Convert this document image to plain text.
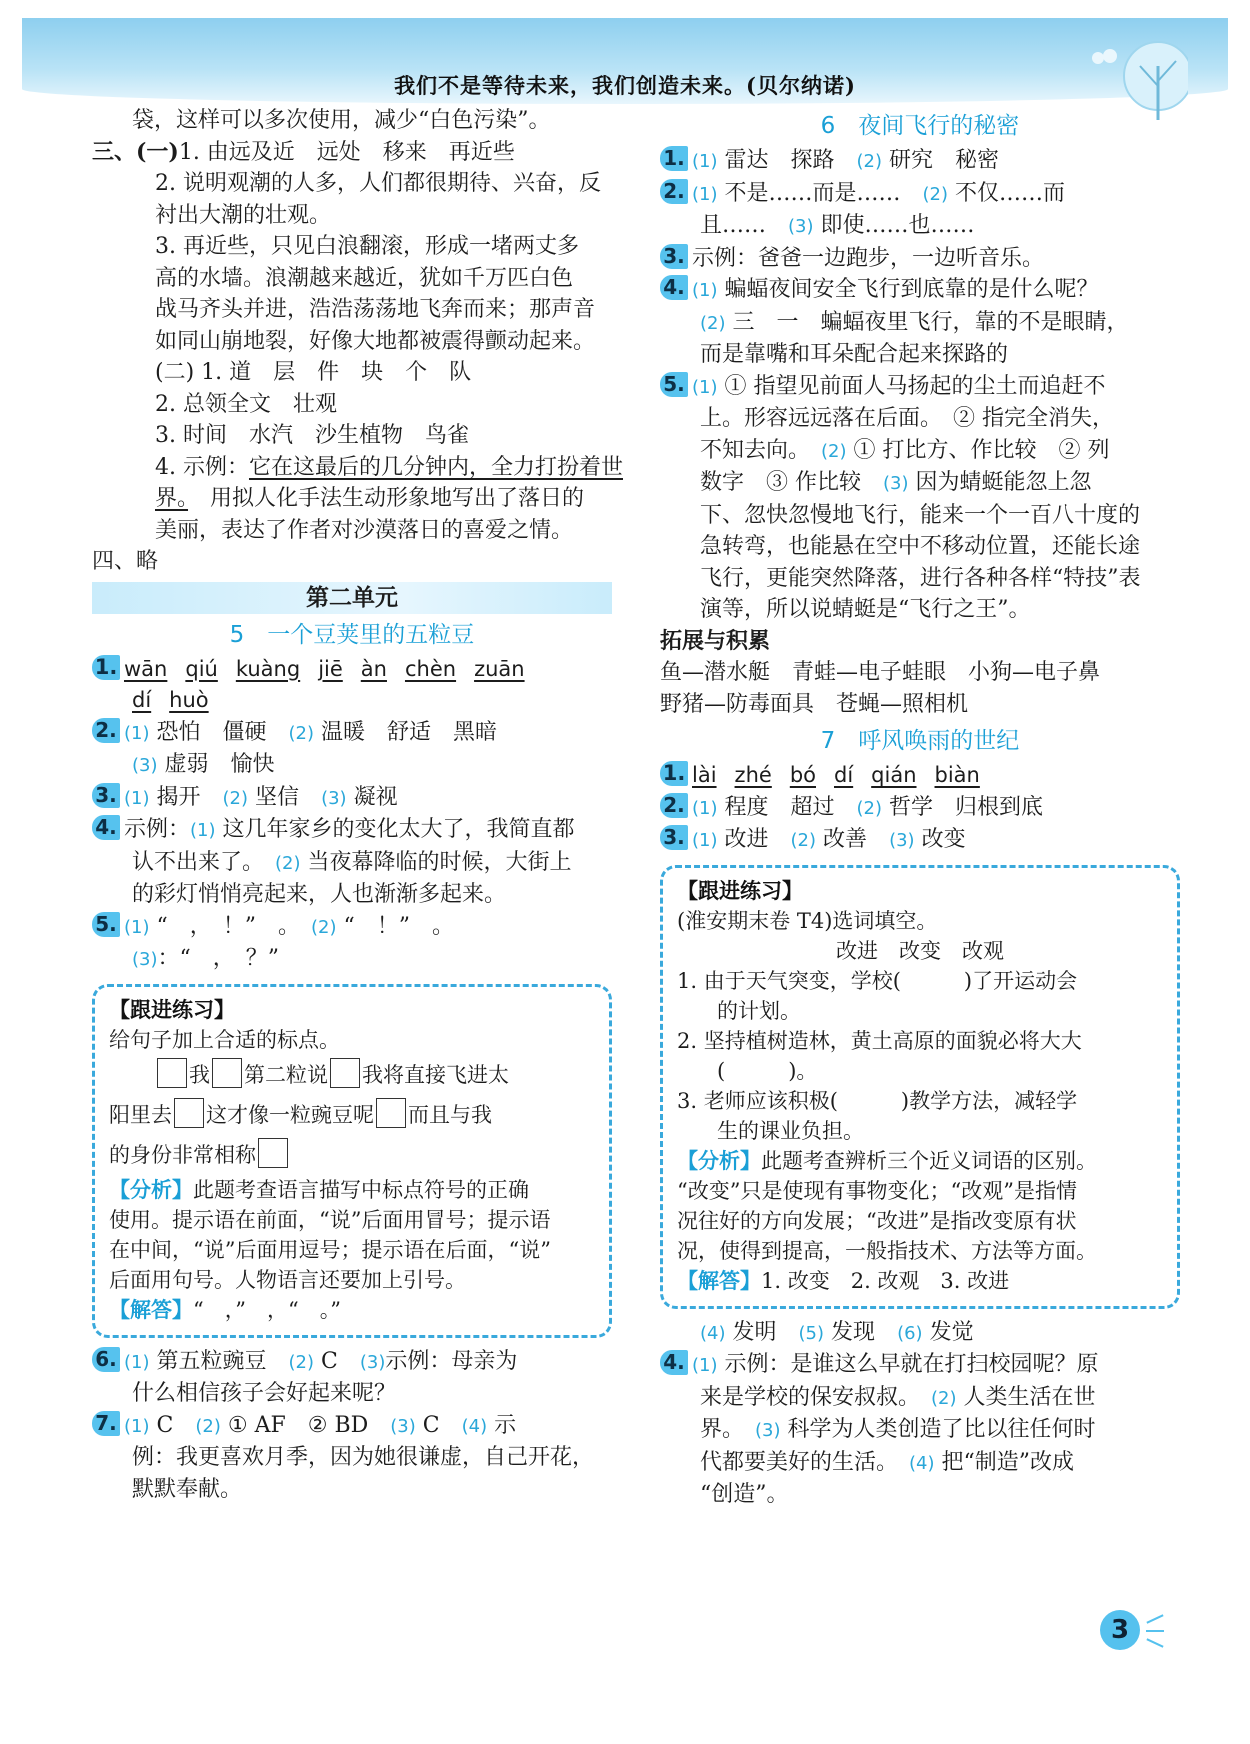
我们不是等待未来，我们创造未来。(贝尔纳诺)
袋，这样可以多次使用，减少“白色污染”。
三、(一)1. 由远及近　远处　移来　再近些
2. 说明观潮的人多，人们都很期待、兴奋，反
衬出大潮的壮观。
3. 再近些，只见白浪翻滚，形成一堵两丈多
高的水墙。浪潮越来越近，犹如千万匹白色
战马齐头并进，浩浩荡荡地飞奔而来；那声音
如同山崩地裂，好像大地都被震得颤动起来。
(二) 1. 道　层　件　块　个　队
2. 总领全文　壮观
3. 时间　水汽　沙生植物　鸟雀
4. 示例：它在这最后的几分钟内，全力打扮着世
界。　用拟人化手法生动形象地写出了落日的
美丽，表达了作者对沙漠落日的喜爱之情。
四、略
第二单元
5　一个豆荚里的五粒豆
1. wān qiú kuàng jiē àn chèn zuān
dí huò
2. (1) 恐怕　僵硬　 (2) 温暖　舒适　黑暗
(3) 虚弱　愉快
3. (1) 揭开　 (2) 坚信　 (3) 凝视
4. 示例：(1) 这几年家乡的变化太大了，我简直都
认不出来了。　 (2) 当夜幕降临的时候，大街上
的彩灯悄悄亮起来，人也渐渐多起来。
5. (1) “　，　！”　。　 (2) “　！”　。
(3)：“　，　？”
【跟进练习】
给句子加上合适的标点。
我 第二粒说 我将直接飞进太
阳里去 这才像一粒豌豆呢 而且与我
的身份非常相称
【分析】此题考查语言描写中标点符号的正确
使用。提示语在前面，“说”后面用冒号；提示语
在中间，“说”后面用逗号；提示语在后面，“说”
后面用句号。人物语言还要加上引号。
【解答】“　，”　，“　。”
6. (1) 第五粒豌豆　 (2) C　 (3)示例：母亲为
什么相信孩子会好起来呢？
7. (1) C　 (2) ① AF　② BD　 (3) C　 (4) 示
例：我更喜欢月季，因为她很谦虚，自己开花，
默默奉献。
6　夜间飞行的秘密
1. (1) 雷达　探路　 (2) 研究　秘密
2. (1) 不是……而是……　 (2) 不仅……而
且……　 (3) 即使……也……
3. 示例：爸爸一边跑步，一边听音乐。
4. (1) 蝙蝠夜间安全飞行到底靠的是什么呢？
(2) 三　一　蝙蝠夜里飞行，靠的不是眼睛，
而是靠嘴和耳朵配合起来探路的
5. (1) ① 指望见前面人马扬起的尘土而追赶不
上。形容远远落在后面。　② 指完全消失，
不知去向。　 (2) ① 打比方、作比较　② 列
数字　③ 作比较　 (3) 因为蜻蜓能忽上忽
下、忽快忽慢地飞行，能来一个一百八十度的
急转弯，也能悬在空中不移动位置，还能长途
飞行，更能突然降落，进行各种各样“特技”表
演等，所以说蜻蜓是“飞行之王”。
拓展与积累
鱼—潜水艇　青蛙—电子蛙眼　小狗—电子鼻
野猪—防毒面具　苍蝇—照相机
7　呼风唤雨的世纪
1. lài zhé bó dí qián biàn
2. (1) 程度　超过　 (2) 哲学　归根到底
3. (1) 改进　 (2) 改善　 (3) 改变
【跟进练习】
(淮安期末卷 T4)选词填空。
改进　改变　改观
1. 由于天气突变，学校(　　　)了开运动会
的计划。
2. 坚持植树造林，黄土高原的面貌必将大大
(　　　)。
3. 老师应该积极(　　　)教学方法，减轻学
生的课业负担。
【分析】此题考查辨析三个近义词语的区别。
“改变”只是使现有事物变化；“改观”是指情
况往好的方向发展；“改进”是指改变原有状
况，使得到提高，一般指技术、方法等方面。
【解答】1. 改变　2. 改观　3. 改进
(4) 发明　 (5) 发现　 (6) 发觉
4. (1) 示例：是谁这么早就在打扫校园呢？原
来是学校的保安叔叔。　 (2) 人类生活在世
界。　 (3) 科学为人类创造了比以往任何时
代都要美好的生活。　 (4) 把“制造”改成
“创造”。
3
